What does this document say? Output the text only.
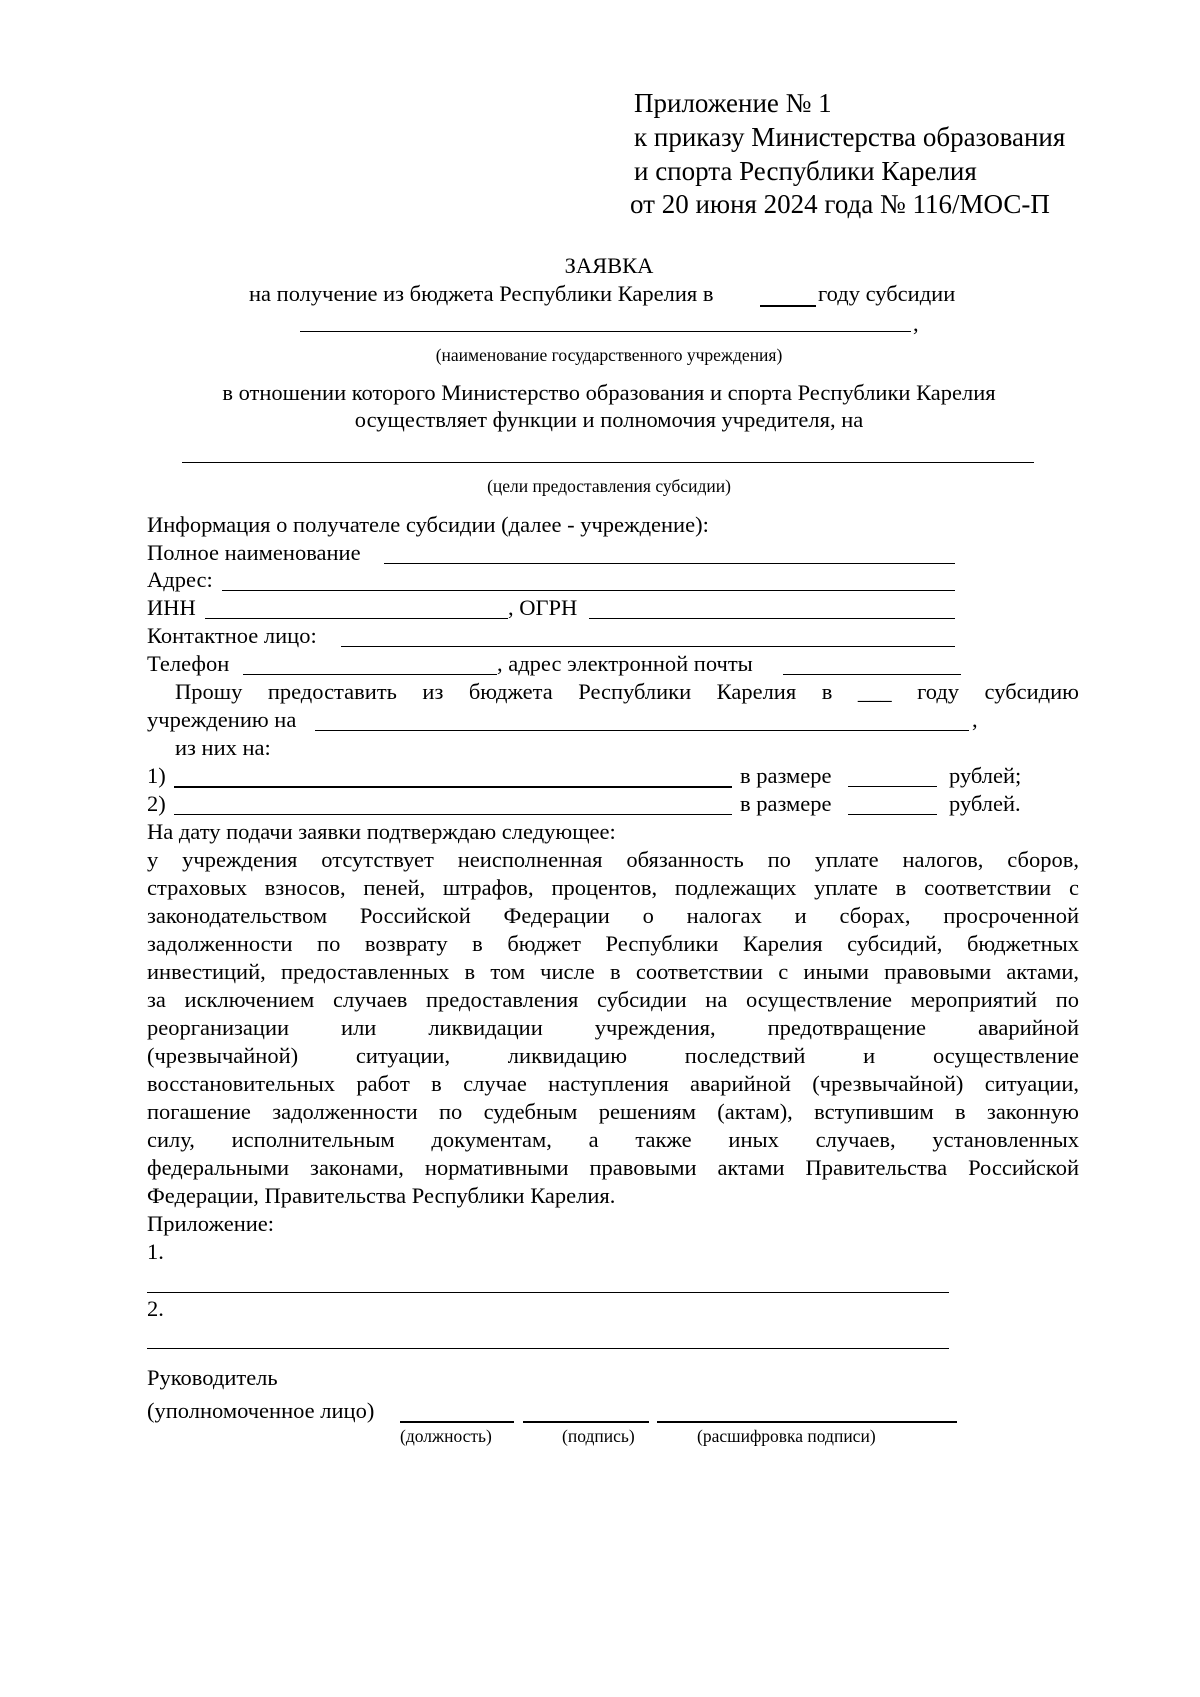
Приложение № 1
к приказу Министерства образования
и спорта Республики Карелия
от 20 июня 2024 года № 116/МОС-П
ЗАЯВКА
на получение из бюджета Республики Карелия в	году субсидии
,
(наименование государственного учреждения)
в отношении которого Министерство образования и спорта Республики Карелия
осуществляет функции и полномочия учредителя, на
(цели предоставления субсидии)
Информация о получателе субсидии (далее - учреждение):
Полное наименование
Адрес:
ИНН	, ОГРН
Контактное лицо:
Телефон	, адрес электронной почты
Прошу предоставить из бюджета Республики Карелия в ___ году субсидию
учреждению на	,
из них на:
1)	в размере	рублей;
2)	в размере	рублей.
На дату подачи заявки подтверждаю следующее:
у учреждения отсутствует неисполненная обязанность по уплате налогов, сборов,
страховых взносов, пеней, штрафов, процентов, подлежащих уплате в соответствии с
законодательством Российской Федерации о налогах и сборах, просроченной
задолженности по возврату в бюджет Республики Карелия субсидий, бюджетных
инвестиций, предоставленных в том числе в соответствии с иными правовыми актами,
за исключением случаев предоставления субсидии на осуществление мероприятий по
реорганизации или ликвидации учреждения, предотвращение аварийной
(чрезвычайной) ситуации, ликвидацию последствий и осуществление
восстановительных работ в случае наступления аварийной (чрезвычайной) ситуации,
погашение задолженности по судебным решениям (актам), вступившим в законную
силу, исполнительным документам, а также иных случаев, установленных
федеральными законами, нормативными правовыми актами Правительства Российской
Федерации, Правительства Республики Карелия.
Приложение:
1.
2.
Руководитель
(уполномоченное лицо)
(должность)	(подпись)	(расшифровка подписи)
